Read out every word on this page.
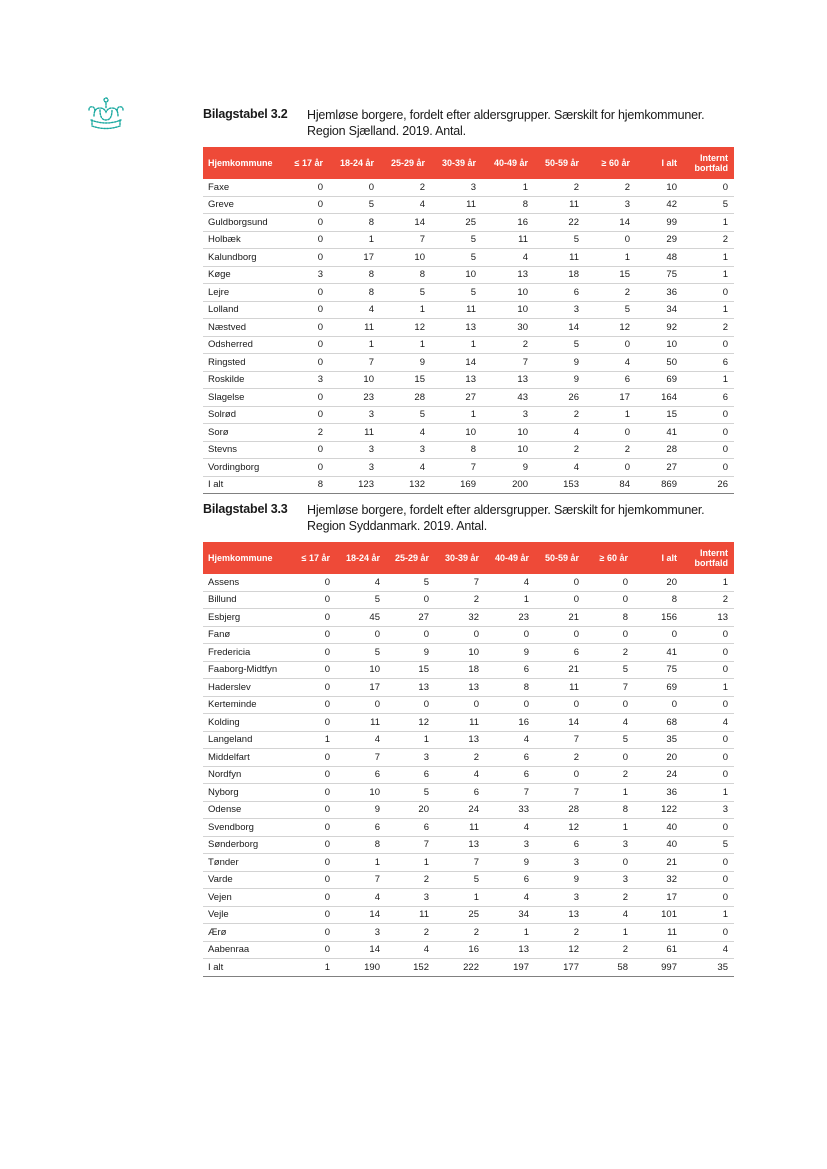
Bilagstabel 3.2 Hjemløse borgere, fordelt efter aldersgrupper. Særskilt for hjemkommuner.
Region Sjælland. 2019. Antal.
Hjemkommune	≤ 17 år	18-24 år	25-29 år	30-39 år	40-49 år	50-59 år	≥ 60 år	I alt	Internt
bortfald
Faxe	0	0	2	3	1	2	2	10	0
Greve	0	5	4	11	8	11	3	42	5
Guldborgsund	0	8	14	25	16	22	14	99	1
Holbæk	0	1	7	5	11	5	0	29	2
Kalundborg	0	17	10	5	4	11	1	48	1
Køge	3	8	8	10	13	18	15	75	1
Lejre	0	8	5	5	10	6	2	36	0
Lolland	0	4	1	11	10	3	5	34	1
Næstved	0	11	12	13	30	14	12	92	2
Odsherred	0	1	1	1	2	5	0	10	0
Ringsted	0	7	9	14	7	9	4	50	6
Roskilde	3	10	15	13	13	9	6	69	1
Slagelse	0	23	28	27	43	26	17	164	6
Solrød	0	3	5	1	3	2	1	15	0
Sorø	2	11	4	10	10	4	0	41	0
Stevns	0	3	3	8	10	2	2	28	0
Vordingborg	0	3	4	7	9	4	0	27	0
I alt	8	123	132	169	200	153	84	869	26
Bilagstabel 3.3 Hjemløse borgere, fordelt efter aldersgrupper. Særskilt for hjemkommuner.
Region Syddanmark. 2019. Antal.
Hjemkommune	≤ 17 år	18-24 år	25-29 år	30-39 år	40-49 år	50-59 år	≥ 60 år	I alt	Internt
bortfald
Assens	0	4	5	7	4	0	0	20	1
Billund	0	5	0	2	1	0	0	8	2
Esbjerg	0	45	27	32	23	21	8	156	13
Fanø	0	0	0	0	0	0	0	0	0
Fredericia	0	5	9	10	9	6	2	41	0
Faaborg-Midtfyn	0	10	15	18	6	21	5	75	0
Haderslev	0	17	13	13	8	11	7	69	1
Kerteminde	0	0	0	0	0	0	0	0	0
Kolding	0	11	12	11	16	14	4	68	4
Langeland	1	4	1	13	4	7	5	35	0
Middelfart	0	7	3	2	6	2	0	20	0
Nordfyn	0	6	6	4	6	0	2	24	0
Nyborg	0	10	5	6	7	7	1	36	1
Odense	0	9	20	24	33	28	8	122	3
Svendborg	0	6	6	11	4	12	1	40	0
Sønderborg	0	8	7	13	3	6	3	40	5
Tønder	0	1	1	7	9	3	0	21	0
Varde	0	7	2	5	6	9	3	32	0
Vejen	0	4	3	1	4	3	2	17	0
Vejle	0	14	11	25	34	13	4	101	1
Ærø	0	3	2	2	1	2	1	11	0
Aabenraa	0	14	4	16	13	12	2	61	4
I alt	1	190	152	222	197	177	58	997	35
